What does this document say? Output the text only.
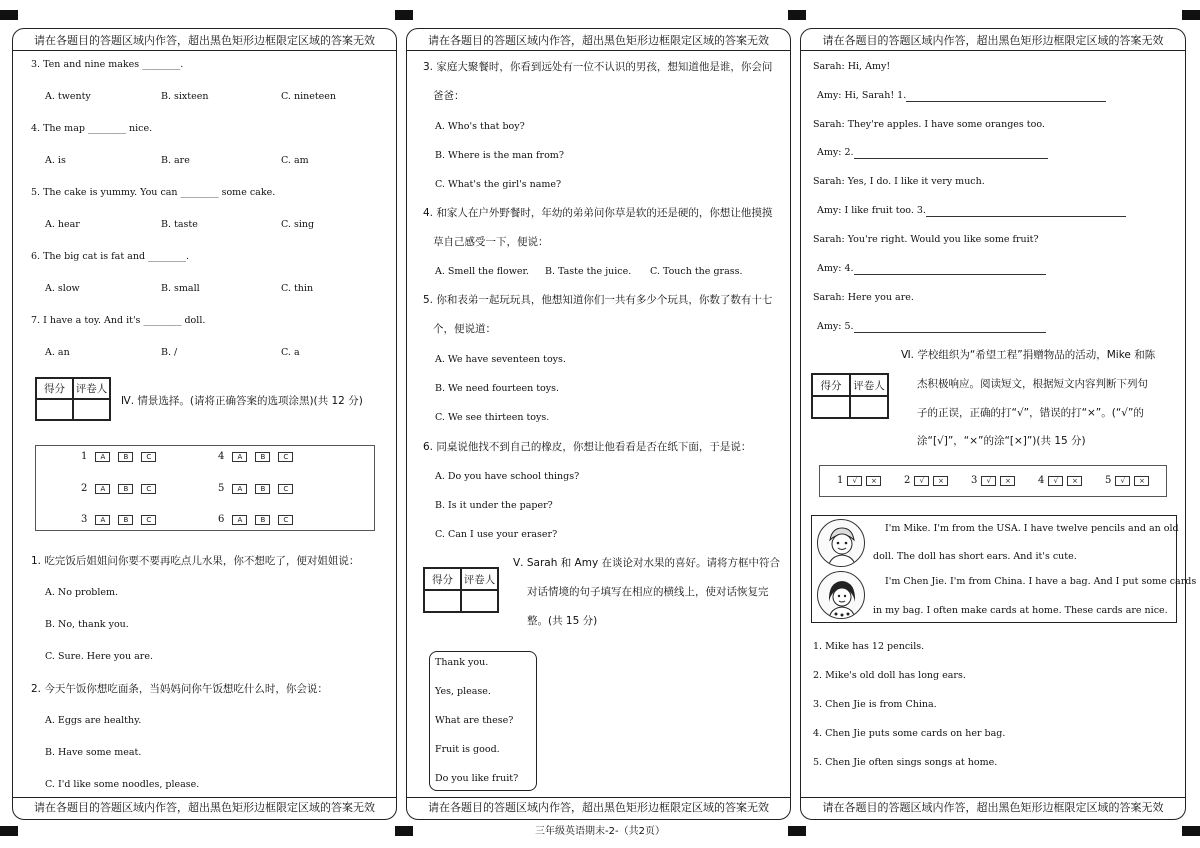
请在各题目的答题区域内作答，超出黑色矩形边框限定区域的答案无效
3. Ten and nine makes ________.
A. twenty	B. sixteen	C. nineteen
4. The map ________ nice.
A. is	B. are	C. am
5. The cake is yummy. You can ________ some cake.
A. hear	B. taste	C. sing
6. The big cat is fat and ________.
A. slow	B. small	C. thin
7. I have a toy. And it's ________ doll.
A. an	B. /	C. a
得分	评卷人
Ⅳ. 情景选择。(请将正确答案的选项涂黑)(共 12 分)
1 A	B	C	4 A	B	C
2 A	B	C	5 A	B	C
3 A	B	C	6 A	B	C
1. 吃完饭后姐姐问你要不要再吃点儿水果，你不想吃了，便对姐姐说：
A. No problem.
B. No, thank you.
C. Sure. Here you are.
2. 今天午饭你想吃面条，当妈妈问你午饭想吃什么时，你会说：
A. Eggs are healthy.
B. Have some meat.
C. I'd like some noodles, please.
请在各题目的答题区域内作答，超出黑色矩形边框限定区域的答案无效
请在各题目的答题区域内作答，超出黑色矩形边框限定区域的答案无效
3. 家庭大聚餐时，你看到远处有一位不认识的男孩，想知道他是谁，你会问
爸爸：
A. Who's that boy?
B. Where is the man from?
C. What's the girl's name?
4. 和家人在户外野餐时，年幼的弟弟问你草是软的还是硬的，你想让他摸摸
草自己感受一下，便说：
A. Smell the flower. B. Taste the juice. C. Touch the grass.
5. 你和表弟一起玩玩具，他想知道你们一共有多少个玩具，你数了数有十七
个，便说道：
A. We have seventeen toys.
B. We need fourteen toys.
C. We see thirteen toys.
6. 同桌说他找不到自己的橡皮，你想让他看看是否在纸下面，于是说：
A. Do you have school things?
B. Is it under the paper?
C. Can I use your eraser?
得分	评卷人
Ⅴ. Sarah 和 Amy 在谈论对水果的喜好。请将方框中符合
对话情境的句子填写在相应的横线上，使对话恢复完
整。(共 15 分)
Thank you.
Yes, please.
What are these?
Fruit is good.
Do you like fruit?
请在各题目的答题区域内作答，超出黑色矩形边框限定区域的答案无效
请在各题目的答题区域内作答，超出黑色矩形边框限定区域的答案无效
Sarah: Hi, Amy!
Amy: Hi, Sarah! 1.
Sarah: They're apples. I have some oranges too.
Amy: 2.
Sarah: Yes, I do. I like it very much.
Amy: I like fruit too. 3.
Sarah: You're right. Would you like some fruit?
Amy: 4.
Sarah: Here you are.
Amy: 5.
得分	评卷人
Ⅵ. 学校组织为“希望工程”捐赠物品的活动，Mike 和陈
杰积极响应。阅读短文，根据短文内容判断下列句
子的正误，正确的打“√”，错误的打“×”。(“√”的
涂“[√]”，“×”的涂“[×]”)(共 15 分)
1 √ ×	2 √ ×	3 √ ×	4 √ ×	5 √ ×
I'm Mike. I'm from the USA. I have twelve pencils and an old
doll. The doll has short ears. And it's cute.
I'm Chen Jie. I'm from China. I have a bag. And I put some cards
in my bag. I often make cards at home. These cards are nice.
1. Mike has 12 pencils.
2. Mike's old doll has long ears.
3. Chen Jie is from China.
4. Chen Jie puts some cards on her bag.
5. Chen Jie often sings songs at home.
请在各题目的答题区域内作答，超出黑色矩形边框限定区域的答案无效
三年级英语期末-2-（共2页）
